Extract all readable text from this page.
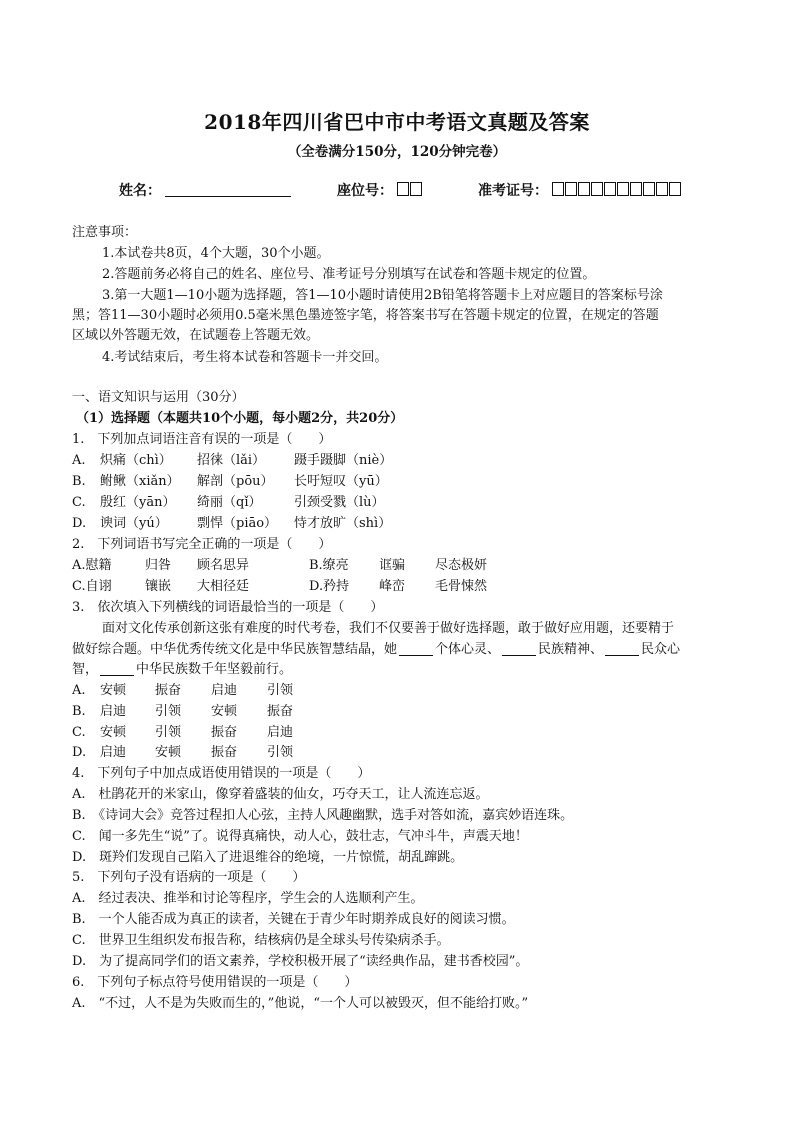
2018年四川省巴中市中考语文真题及答案
（全卷满分150分，120分钟完卷）
姓名：	座位号：	准考证号：
注意事项：
1.本试卷共8页，4个大题，30个小题。
2.答题前务必将自己的姓名、座位号、准考证号分别填写在试卷和答题卡规定的位置。
3.第一大题1—10小题为选择题，答1—10小题时请使用2B铅笔将答题卡上对应题目的答案标号涂
黑；答11—30小题时必须用0.5毫米黑色墨迹签字笔，将答案书写在答题卡规定的位置，在规定的答题
区域以外答题无效，在试题卷上答题无效。
4.考试结束后，考生将本试卷和答题卡一并交回。
一、语文知识与运用（30分）
（1）选择题（本题共10个小题，每小题2分，共20分）
1.　下列加点词语注音有误的一项是（　　）
A. 炽痛（chì） 招徕（lǎi） 蹑手蹑脚（niè）
B. 鲋鳅（xiǎn） 解剖（pōu） 长吁短叹（yū）
C. 殷红（yān） 绮丽（qǐ）	引颈受戮（lù）
D. 谀词（yú） 剽悍（piāo） 恃才放旷（shì）
2.　下列词语书写完全正确的一项是（　　）
A.慰籍	归咎 顾名思异	B.缭亮 诓骗 尽态极妍
C.自诩	镶嵌 大相径廷	D.矜持 峰峦 毛骨悚然
3.　依次填入下列横线的词语最恰当的一项是（　　）
面对文化传承创新这张有难度的时代考卷，我们不仅要善于做好选择题，敢于做好应用题，还要精于
做好综合题。中华优秀传统文化是中华民族智慧结晶，她	个体心灵、	民族精神、	民众心
智，	中华民族数千年坚毅前行。
A. 安顿 振奋 启迪 引领
B. 启迪 引领 安顿 振奋
C. 安顿 引领 振奋 启迪
D. 启迪 安顿 振奋 引领
4.　下列句子中加点成语使用错误的一项是（　　）
A.　杜鹃花开的米家山，像穿着盛装的仙女，巧夺天工，让人流连忘返。
B.　《诗词大会》竞答过程扣人心弦，主持人风趣幽默，选手对答如流，嘉宾妙语连珠。
C.　闻一多先生“说”了。说得真痛快，动人心，鼓壮志，气冲斗牛，声震天地！
D.　斑羚们发现自己陷入了进退维谷的绝境，一片惊慌，胡乱蹿跳。
5.　下列句子没有语病的一项是（　　）
A.　经过表决、推举和讨论等程序，学生会的人选顺利产生。
B.　一个人能否成为真正的读者，关键在于青少年时期养成良好的阅读习惯。
C.　世界卫生组织发布报告称，结核病仍是全球头号传染病杀手。
D.　为了提高同学们的语文素养，学校积极开展了“读经典作品，建书香校园”。
6.　下列句子标点符号使用错误的一项是（　　）
A.　“不过，人不是为失败而生的，”他说，“一个人可以被毁灭，但不能给打败。”
